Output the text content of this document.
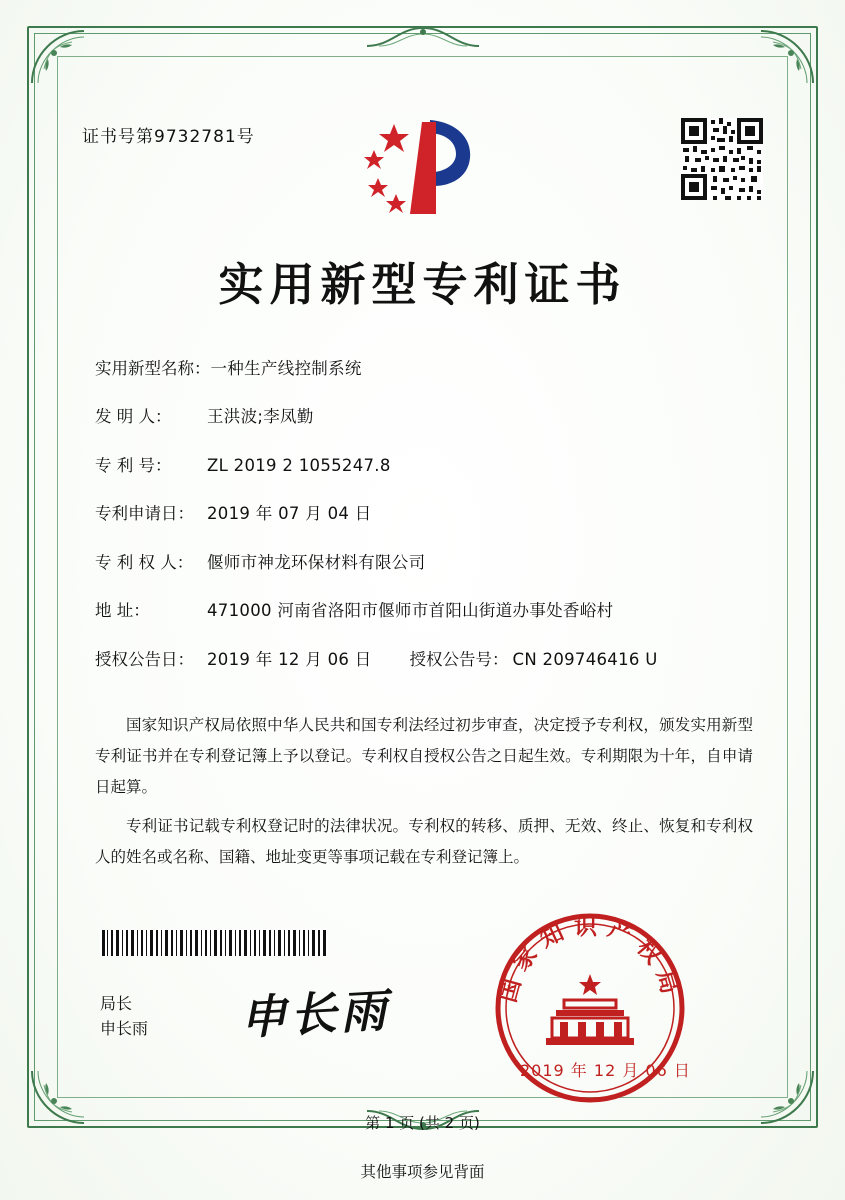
证书号第9732781号
实用新型专利证书
实用新型名称： 一种生产线控制系统
发 明 人：	王洪波;李凤勤
专 利 号：	ZL 2019 2 1055247.8
专利申请日： 2019 年 07 月 04 日
专 利 权 人： 偃师市神龙环保材料有限公司
地 址：	471000 河南省洛阳市偃师市首阳山街道办事处香峪村
授权公告日： 2019 年 12 月 06 日 授权公告号： CN 209746416 U

国家知识产权局依照中华人民共和国专利法经过初步审查，决定授予专利权，颁发实用新型专利证书并在专利登记簿上予以登记。专利权自授权公告之日起生效。专利期限为十年，自申请日起算。

专利证书记载专利权登记时的法律状况。专利权的转移、质押、无效、终止、恢复和专利权人的姓名或名称、国籍、地址变更等事项记载在专利登记簿上。

局长
申长雨 申长雨	国家知识产权局
2019 年 12 月 06 日
第 1 页 (共 2 页)
其他事项参见背面
